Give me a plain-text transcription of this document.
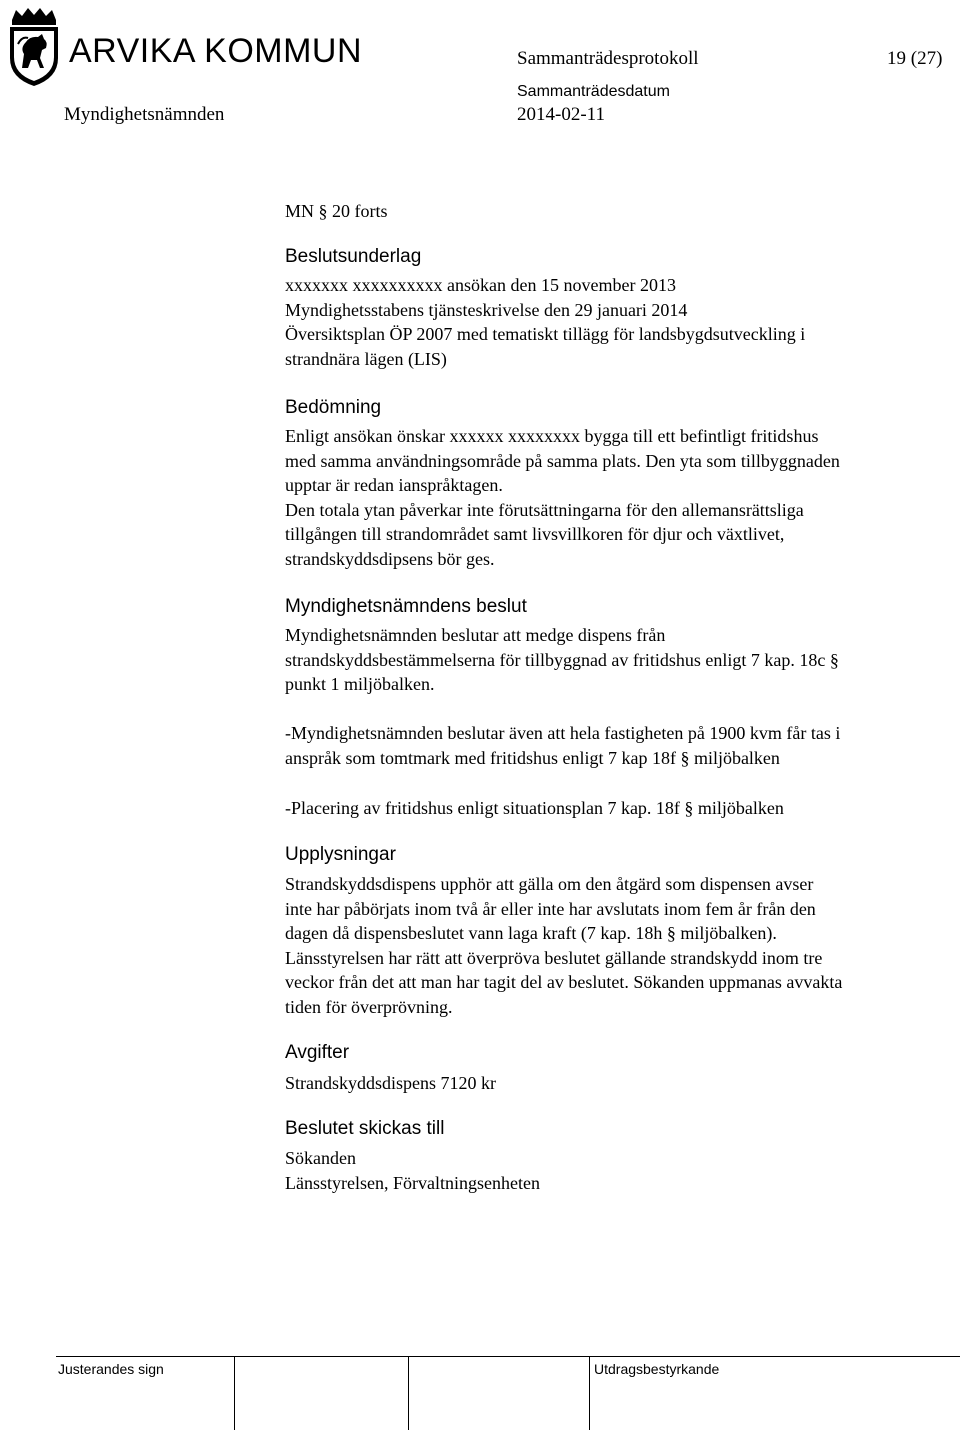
ARVIKA KOMMUN	Sammanträdesprotokoll	19 (27)
Myndighetsnämnden
Sammanträdesdatum
2014-02-11
MN § 20 forts
Beslutsunderlag
xxxxxxx xxxxxxxxxx ansökan den 15 november 2013
Myndighetsstabens tjänsteskrivelse den 29 januari 2014
Översiktsplan ÖP 2007 med tematiskt tillägg för landsbygdsutveckling i
strandnära lägen (LIS)
Bedömning
Enligt ansökan önskar xxxxxx xxxxxxxx bygga till ett befintligt fritidshus
med samma användningsområde på samma plats. Den yta som tillbyggnaden
upptar är redan ianspråktagen.
Den totala ytan påverkar inte förutsättningarna för den allemansrättsliga
tillgången till strandområdet samt livsvillkoren för djur och växtlivet,
strandskyddsdipsens bör ges.
Myndighetsnämndens beslut
Myndighetsnämnden beslutar att medge dispens från
strandskyddsbestämmelserna för tillbyggnad av fritidshus enligt 7 kap. 18c §
punkt 1 miljöbalken.
-Myndighetsnämnden beslutar även att hela fastigheten på 1900 kvm får tas i
anspråk som tomtmark med fritidshus enligt 7 kap 18f § miljöbalken
-Placering av fritidshus enligt situationsplan 7 kap. 18f § miljöbalken
Upplysningar
Strandskyddsdispens upphör att gälla om den åtgärd som dispensen avser
inte har påbörjats inom två år eller inte har avslutats inom fem år från den
dagen då dispensbeslutet vann laga kraft (7 kap. 18h § miljöbalken).
Länsstyrelsen har rätt att överpröva beslutet gällande strandskydd inom tre
veckor från det att man har tagit del av beslutet. Sökanden uppmanas avvakta
tiden för överprövning.
Avgifter
Strandskyddsdispens 7120 kr
Beslutet skickas till
Sökanden
Länsstyrelsen, Förvaltningsenheten
Justerandes sign	Utdragsbestyrkande
